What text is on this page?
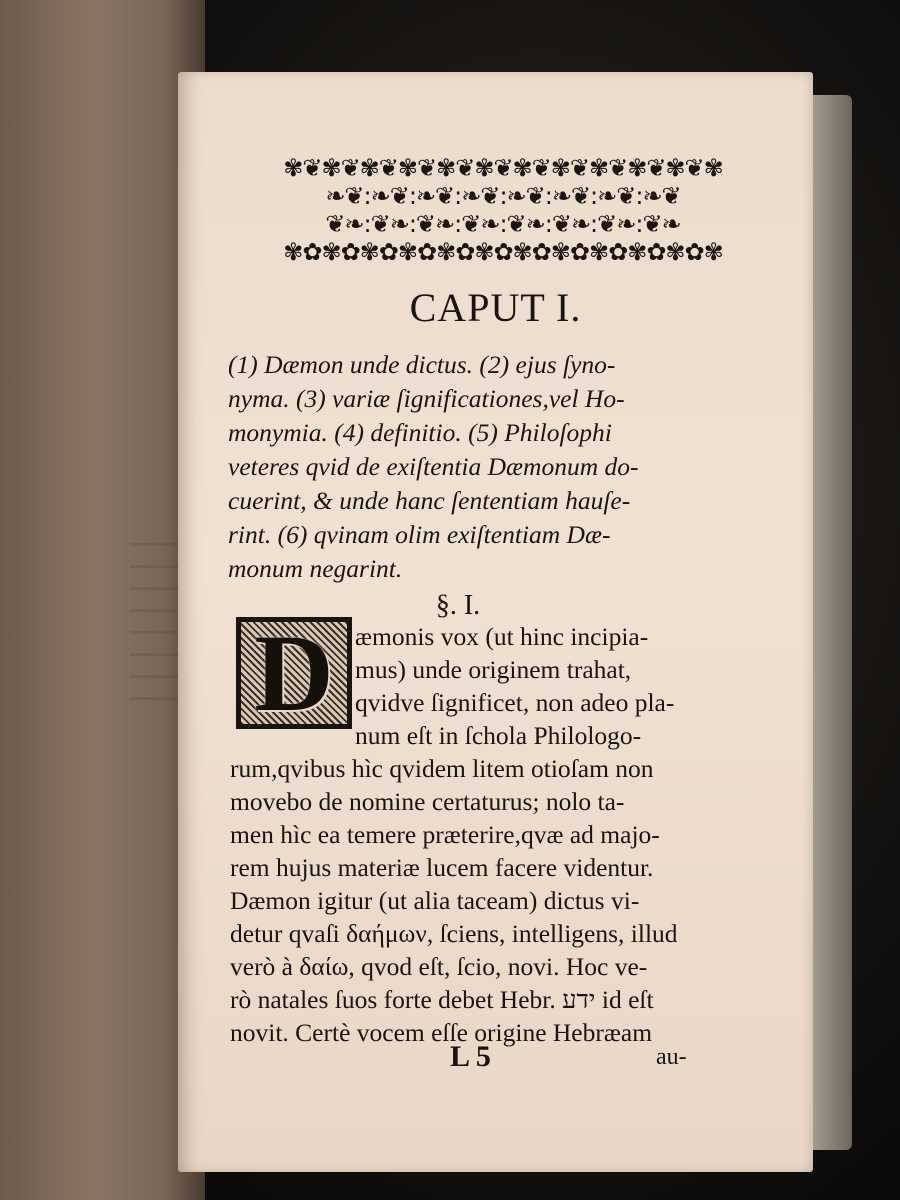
✾❦✾❦✾❦✾❦✾❦✾❦✾❦✾❦✾❦✾❦✾❦✾
❧❦:❧❦:❧❦:❧❦:❧❦:❧❦:❧❦:❧❦
❦❧:❦❧:❦❧:❦❧:❦❧:❦❧:❦❧:❦❧
✾✿✾✿✾✿✾✿✾✿✾✿✾✿✾✿✾✿✾✿✾✿✾
CAPUT I.
(1) Dæmon unde dictus. (2) ejus ſyno-
nyma. (3) variæ ſignificationes,vel Ho-
monymia. (4) definitio. (5) Philoſophi
veteres qvid de exiſtentia Dæmonum do-
cuerint, & unde hanc ſententiam hauſe-
rint. (6) qvinam olim exiſtentiam Dæ-
monum negarint.
§. I.
D æmonis vox (ut hinc incipia-
mus) unde originem trahat,
qvidve ſignificet, non adeo pla-
num eſt in ſchola Philologo-
rum,qvibus hìc qvidem litem otioſam non
movebo de nomine certaturus; nolo ta-
men hìc ea temere prӕterire,qvæ ad majo-
rem hujus materiæ lucem facere videntur.
Dæmon igitur (ut alia taceam) dictus vi-
detur qvaſi δαήμων, ſciens, intelligens, illud
verò à δαίω, qvod eſt, ſcio, novi. Hoc ve-
rò natales ſuos forte debet Hebr. ידע id eſt
novit. Certè vocem eſſe origine Hebræam
L 5	au-
